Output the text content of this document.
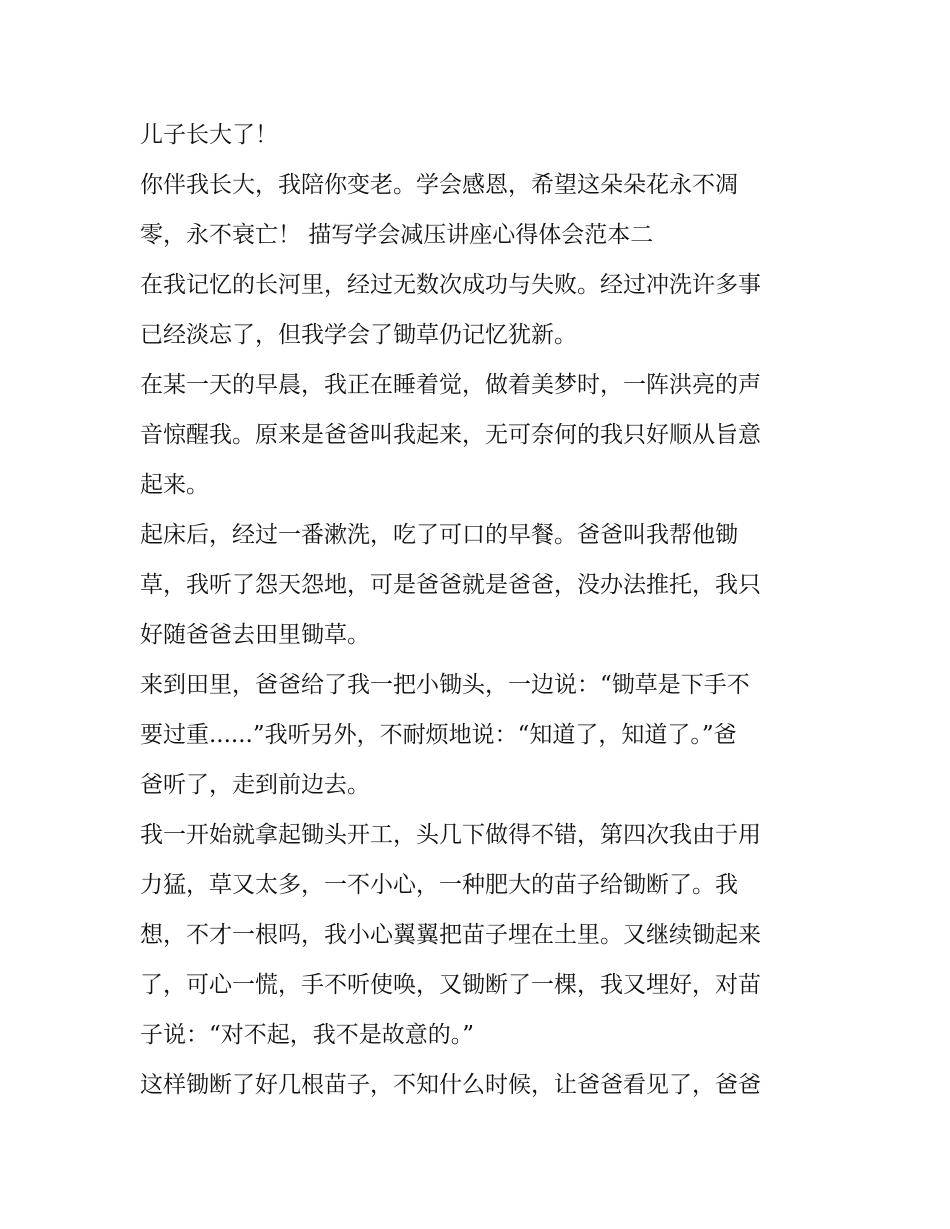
儿子长大了！

你伴我长大，我陪你变老。学会感恩，希望这朵朵花永不凋

零，永不衰亡！ 描写学会减压讲座心得体会范本二

在我记忆的长河里，经过无数次成功与失败。经过冲洗许多事

已经淡忘了，但我学会了锄草仍记忆犹新。

在某一天的早晨，我正在睡着觉，做着美梦时，一阵洪亮的声

音惊醒我。原来是爸爸叫我起来，无可奈何的我只好顺从旨意

起来。

起床后，经过一番漱洗，吃了可口的早餐。爸爸叫我帮他锄

草，我听了怨天怨地，可是爸爸就是爸爸，没办法推托，我只

好随爸爸去田里锄草。

来到田里，爸爸给了我一把小锄头，一边说：“锄草是下手不

要过重......”我听另外，不耐烦地说：“知道了，知道了。”爸

爸听了，走到前边去。

我一开始就拿起锄头开工，头几下做得不错，第四次我由于用

力猛，草又太多，一不小心，一种肥大的苗子给锄断了。我

想，不才一根吗，我小心翼翼把苗子埋在土里。又继续锄起来

了，可心一慌，手不听使唤，又锄断了一棵，我又埋好，对苗

子说：“对不起，我不是故意的。”

这样锄断了好几根苗子，不知什么时候，让爸爸看见了，爸爸
